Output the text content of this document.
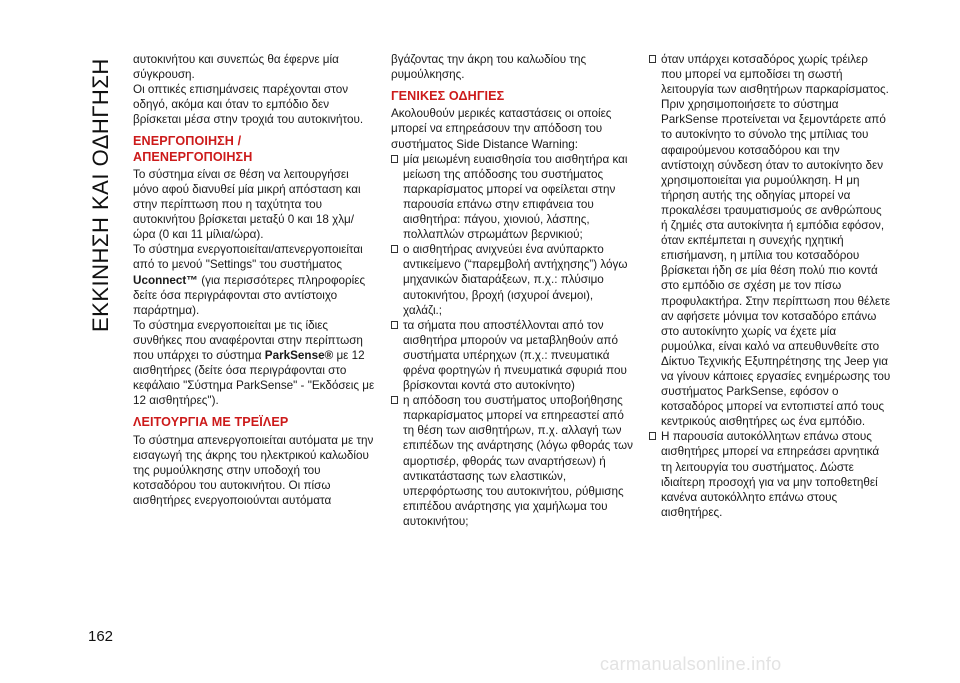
ΕΚΚΙΝΗΣΗ ΚΑΙ ΟΔΗΓΗΣΗ
162

αυτοκινήτου και συνεπώς θα έφερνε μία σύγκρουση.

Οι οπτικές επισημάνσεις παρέχονται στον οδηγό, ακόμα και όταν το εμπόδιο δεν βρίσκεται μέσα στην τροχιά του αυτοκινήτου.

ΕΝΕΡΓΟΠΟΙΗΣΗ /
ΑΠΕΝΕΡΓΟΠΟΙΗΣΗ

Το σύστημα είναι σε θέση να λειτουργήσει μόνο αφού διανυθεί μία μικρή απόσταση και στην περίπτωση που η ταχύτητα του αυτοκινήτου βρίσκεται μεταξύ 0 και 18 χλμ/ώρα (0 και 11 μίλια/ώρα).

Το σύστημα ενεργοποιείται/απενεργοποιείται από το μενού "Settings" του συστήματος Uconnect™ (για περισσότερες πληροφορίες δείτε όσα περιγράφονται στο αντίστοιχο παράρτημα).

Το σύστημα ενεργοποιείται με τις ίδιες συνθήκες που αναφέρονται στην περίπτωση που υπάρχει το σύστημα ParkSense® με 12 αισθητήρες (δείτε όσα περιγράφονται στο κεφάλαιο "Σύστημα ParkSense" - "Εκδόσεις με 12 αισθητήρες").

ΛΕΙΤΟΥΡΓΙΑ ΜΕ ΤΡΕΪΛΕΡ

Το σύστημα απενεργοποιείται αυτόματα με την εισαγωγή της άκρης του ηλεκτρικού καλωδίου της ρυμούλκησης στην υποδοχή του κοτσαδόρου του αυτοκινήτου. Οι πίσω αισθητήρες ενεργοποιούνται αυτόματα

βγάζοντας την άκρη του καλωδίου της ρυμούλκησης.

ΓΕΝΙΚΕΣ ΟΔΗΓΙΕΣ

Ακολουθούν μερικές καταστάσεις οι οποίες μπορεί να επηρεάσουν την απόδοση του συστήματος Side Distance Warning:

μία μειωμένη ευαισθησία του αισθητήρα και μείωση της απόδοσης του συστήματος παρκαρίσματος μπορεί να οφείλεται στην παρουσία επάνω στην επιφάνεια του αισθητήρα: πάγου, χιονιού, λάσπης, πολλαπλών στρωμάτων βερνικιού;
ο αισθητήρας ανιχνεύει ένα ανύπαρκτο αντικείμενο (“παρεμβολή αντήχησης”) λόγω μηχανικών διαταράξεων, π.χ.: πλύσιμο αυτοκινήτου, βροχή (ισχυροί άνεμοι), χαλάζι.;
τα σήματα που αποστέλλονται από τον αισθητήρα μπορούν να μεταβληθούν από συστήματα υπέρηχων (π.χ.: πνευματικά φρένα φορτηγών ή πνευματικά σφυριά που βρίσκονται κοντά στο αυτοκίνητο)
η απόδοση του συστήματος υποβοήθησης παρκαρίσματος μπορεί να επηρεαστεί από τη θέση των αισθητήρων, π.χ. αλλαγή των επιπέδων της ανάρτησης (λόγω φθοράς των αμορτισέρ, φθοράς των αναρτήσεων) ή αντικατάστασης των ελαστικών, υπερφόρτωσης του αυτοκινήτου, ρύθμισης επιπέδου ανάρτησης για χαμήλωμα του αυτοκινήτου;
όταν υπάρχει κοτσαδόρος χωρίς τρέιλερ που μπορεί να εμποδίσει τη σωστή λειτουργία των αισθητήρων παρκαρίσματος. Πριν χρησιμοποιήσετε το σύστημα ParkSense προτείνεται να ξεμοντάρετε από το αυτοκίνητο το σύνολο της μπίλιας του αφαιρούμενου κοτσαδόρου και την αντίστοιχη σύνδεση όταν το αυτοκίνητο δεν χρησιμοποιείται για ρυμούλκηση. Η μη τήρηση αυτής της οδηγίας μπορεί να προκαλέσει τραυματισμούς σε ανθρώπους ή ζημιές στα αυτοκίνητα ή εμπόδια εφόσον, όταν εκπέμπεται η συνεχής ηχητική επισήμανση, η μπίλια του κοτσαδόρου βρίσκεται ήδη σε μία θέση πολύ πιο κοντά στο εμπόδιο σε σχέση με τον πίσω προφυλακτήρα. Στην περίπτωση που θέλετε αν αφήσετε μόνιμα τον κοτσαδόρο επάνω στο αυτοκίνητο χωρίς να έχετε μία ρυμούλκα, είναι καλό να απευθυνθείτε στο Δίκτυο Τεχνικής Εξυπηρέτησης της Jeep για να γίνουν κάποιες εργασίες ενημέρωσης του συστήματος ParkSense, εφόσον ο κοτσαδόρος μπορεί να εντοπιστεί από τους κεντρικούς αισθητήρες ως ένα εμπόδιο.
Η παρουσία αυτοκόλλητων επάνω στους αισθητήρες μπορεί να επηρεάσει αρνητικά τη λειτουργία του συστήματος. Δώστε ιδιαίτερη προσοχή για να μην τοποθετηθεί κανένα αυτοκόλλητο επάνω στους αισθητήρες.
carmanualsonline.info
